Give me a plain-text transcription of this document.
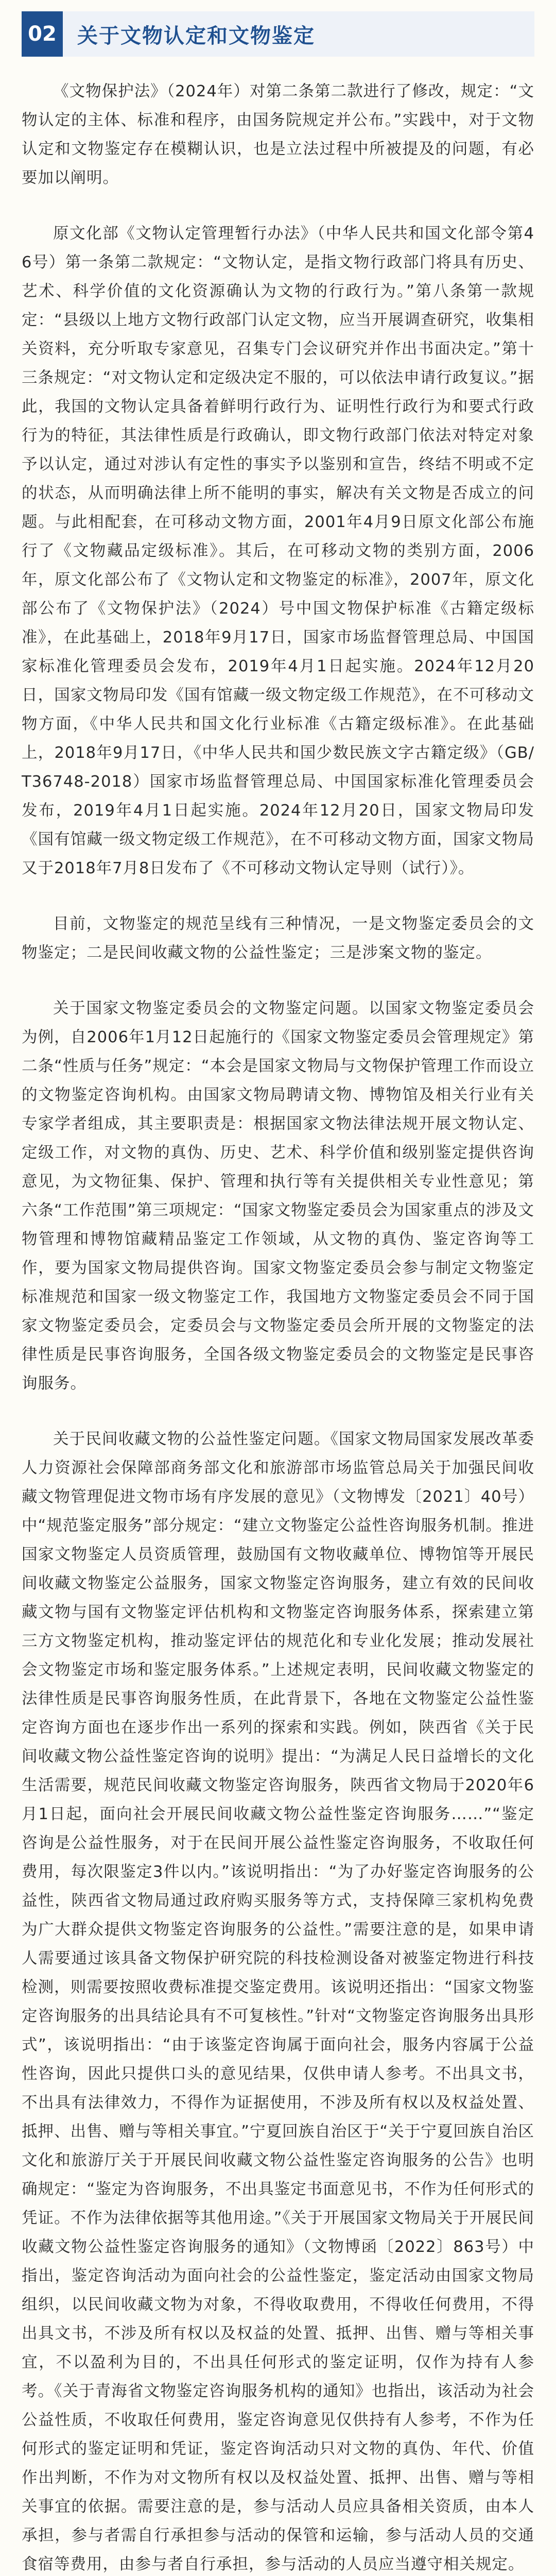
02	关于文物认定和文物鉴定

《文物保护法》（2024年）对第二条第二款进行了修改，规定：“文物认定的主体、标准和程序，由国务院规定并公布。”实践中，对于文物认定和文物鉴定存在模糊认识，也是立法过程中所被提及的问题，有必要加以阐明。

原文化部《文物认定管理暂行办法》（中华人民共和国文化部令第46号）第一条第二款规定：“文物认定，是指文物行政部门将具有历史、艺术、科学价值的文化资源确认为文物的行政行为。”第八条第一款规定：“县级以上地方文物行政部门认定文物，应当开展调查研究，收集相关资料，充分听取专家意见，召集专门会议研究并作出书面决定。”第十三条规定：“对文物认定和定级决定不服的，可以依法申请行政复议。”据此，我国的文物认定具备着鲜明行政行为、证明性行政行为和要式行政行为的特征，其法律性质是行政确认，即文物行政部门依法对特定对象予以认定，通过对涉认有定性的事实予以鉴别和宣告，终结不明或不定的状态，从而明确法律上所不能明的事实，解决有关文物是否成立的问题。与此相配套，在可移动文物方面，2001年4月9日原文化部公布施行了《文物藏品定级标准》。其后，在可移动文物的类别方面，2006年，原文化部公布了《文物认定和文物鉴定的标准》，2007年，原文化部公布了《文物保护法》（2024）号中国文物保护标准《古籍定级标准》，在此基础上，2018年9月17日，国家市场监督管理总局、中国国家标准化管理委员会发布，2019年4月1日起实施。2024年12月20日，国家文物局印发《国有馆藏一级文物定级工作规范》，在不可移动文物方面，《中华人民共和国文化行业标准《古籍定级标准》。在此基础上，2018年9月17日，《中华人民共和国少数民族文字古籍定级》（GB/T36748-2018）国家市场监督管理总局、中国国家标准化管理委员会发布，2019年4月1日起实施。2024年12月20日，国家文物局印发《国有馆藏一级文物定级工作规范》，在不可移动文物方面，国家文物局又于2018年7月8日发布了《不可移动文物认定导则（试行）》。

目前，文物鉴定的规范呈线有三种情况，一是文物鉴定委员会的文物鉴定；二是民间收藏文物的公益性鉴定；三是涉案文物的鉴定。

关于国家文物鉴定委员会的文物鉴定问题。以国家文物鉴定委员会为例，自2006年1月12日起施行的《国家文物鉴定委员会管理规定》第二条“性质与任务”规定：“本会是国家文物局与文物保护管理工作而设立的文物鉴定咨询机构。由国家文物局聘请文物、博物馆及相关行业有关专家学者组成，其主要职责是：根据国家文物法律法规开展文物认定、定级工作，对文物的真伪、历史、艺术、科学价值和级别鉴定提供咨询意见，为文物征集、保护、管理和执行等有关提供相关专业性意见；第六条“工作范围”第三项规定：“国家文物鉴定委员会为国家重点的涉及文物管理和博物馆藏精品鉴定工作领域，从文物的真伪、鉴定咨询等工作，要为国家文物局提供咨询。国家文物鉴定委员会参与制定文物鉴定标准规范和国家一级文物鉴定工作，我国地方文物鉴定委员会不同于国家文物鉴定委员会，定委员会与文物鉴定委员会所开展的文物鉴定的法律性质是民事咨询服务，全国各级文物鉴定委员会的文物鉴定是民事咨询服务。

关于民间收藏文物的公益性鉴定问题。《国家文物局国家发展改革委人力资源社会保障部商务部文化和旅游部市场监管总局关于加强民间收藏文物管理促进文物市场有序发展的意见》（文物博发〔2021〕40号）中“规范鉴定服务”部分规定：“建立文物鉴定公益性咨询服务机制。推进国家文物鉴定人员资质管理，鼓励国有文物收藏单位、博物馆等开展民间收藏文物鉴定公益服务，国家文物鉴定咨询服务，建立有效的民间收藏文物与国有文物鉴定评估机构和文物鉴定咨询服务体系，探索建立第三方文物鉴定机构，推动鉴定评估的规范化和专业化发展；推动发展社会文物鉴定市场和鉴定服务体系。”上述规定表明，民间收藏文物鉴定的法律性质是民事咨询服务性质，在此背景下，各地在文物鉴定公益性鉴定咨询方面也在逐步作出一系列的探索和实践。例如，陕西省《关于民间收藏文物公益性鉴定咨询的说明》提出：“为满足人民日益增长的文化生活需要，规范民间收藏文物鉴定咨询服务，陕西省文物局于2020年6月1日起，面向社会开展民间收藏文物公益性鉴定咨询服务……”“鉴定咨询是公益性服务，对于在民间开展公益性鉴定咨询服务，不收取任何费用，每次限鉴定3件以内。”该说明指出：“为了办好鉴定咨询服务的公益性，陕西省文物局通过政府购买服务等方式，支持保障三家机构免费为广大群众提供文物鉴定咨询服务的公益性。”需要注意的是，如果申请人需要通过该具备文物保护研究院的科技检测设备对被鉴定物进行科技检测，则需要按照收费标准提交鉴定费用。该说明还指出：“国家文物鉴定咨询服务的出具结论具有不可复核性。”针对“文物鉴定咨询服务出具形式”，该说明指出：“由于该鉴定咨询属于面向社会，服务内容属于公益性咨询，因此只提供口头的意见结果，仅供申请人参考。不出具文书，不出具有法律效力，不得作为证据使用，不涉及所有权以及权益处置、抵押、出售、赠与等相关事宜。”宁夏回族自治区于“关于宁夏回族自治区文化和旅游厅关于开展民间收藏文物公益性鉴定咨询服务的公告》也明确规定：“鉴定为咨询服务，不出具鉴定书面意见书，不作为任何形式的凭证。不作为法律依据等其他用途。”《关于开展国家文物局关于开展民间收藏文物公益性鉴定咨询服务的通知》（文物博函〔2022〕863号）中指出，鉴定咨询活动为面向社会的公益性鉴定，鉴定活动由国家文物局组织，以民间收藏文物为对象，不得收取费用，不得收任何费用，不得出具文书，不涉及所有权以及权益的处置、抵押、出售、赠与等相关事宜，不以盈利为目的，不出具任何形式的鉴定证明，仅作为持有人参考。《关于青海省文物鉴定咨询服务机构的通知》也指出，该活动为社会公益性质，不收取任何费用，鉴定咨询意见仅供持有人参考，不作为任何形式的鉴定证明和凭证，鉴定咨询活动只对文物的真伪、年代、价值作出判断，不作为对文物所有权以及权益处置、抵押、出售、赠与等相关事宜的依据。需要注意的是，参与活动人员应具备相关资质，由本人承担，参与者需自行承担参与活动的保管和运输，参与活动人员的交通食宿等费用，由参与者自行承担，参与活动的人员应当遵守相关规定。
